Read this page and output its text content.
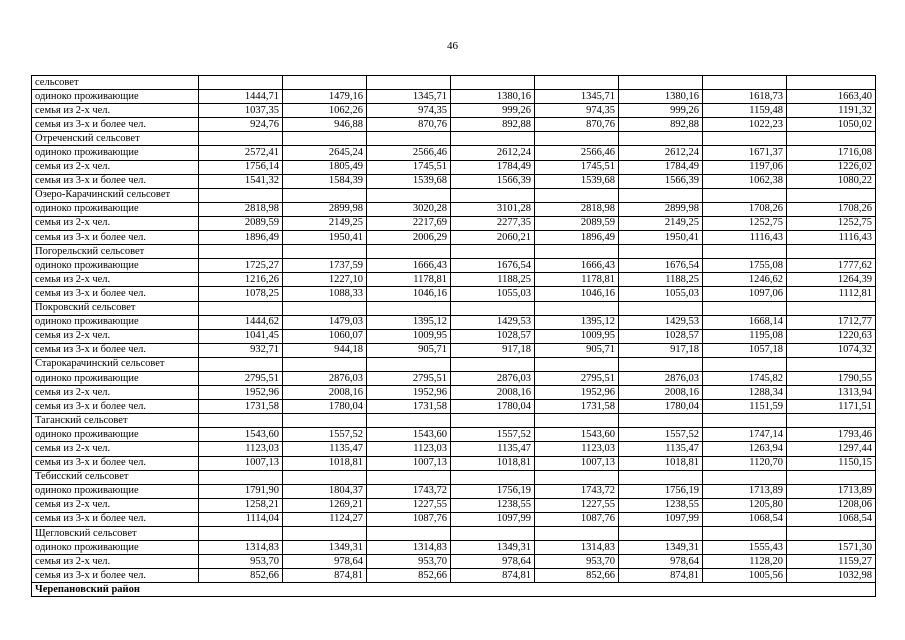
46
сельсовет								
одиноко проживающие	1444,71	1479,16	1345,71	1380,16	1345,71	1380,16	1618,73	1663,40
семья из 2-х чел.	1037,35	1062,26	974,35	999,26	974,35	999,26	1159,48	1191,32
семья из 3-х и более чел.	924,76	946,88	870,76	892,88	870,76	892,88	1022,23	1050,02
Отреченский сельсовет								
одиноко проживающие	2572,41	2645,24	2566,46	2612,24	2566,46	2612,24	1671,37	1716,08
семья из 2-х чел.	1756,14	1805,49	1745,51	1784,49	1745,51	1784,49	1197,06	1226,02
семья из 3-х и более чел.	1541,32	1584,39	1539,68	1566,39	1539,68	1566,39	1062,38	1080,22
Озеро-Карачинский сельсовет								
одиноко проживающие	2818,98	2899,98	3020,28	3101,28	2818,98	2899,98	1708,26	1708,26
семья из 2-х чел.	2089,59	2149,25	2217,69	2277,35	2089,59	2149,25	1252,75	1252,75
семья из 3-х и более чел.	1896,49	1950,41	2006,29	2060,21	1896,49	1950,41	1116,43	1116,43
Погорельский сельсовет								
одиноко проживающие	1725,27	1737,59	1666,43	1676,54	1666,43	1676,54	1755,08	1777,62
семья из 2-х чел.	1216,26	1227,10	1178,81	1188,25	1178,81	1188,25	1246,62	1264,39
семья из 3-х и более чел.	1078,25	1088,33	1046,16	1055,03	1046,16	1055,03	1097,06	1112,81
Покровский сельсовет								
одиноко проживающие	1444,62	1479,03	1395,12	1429,53	1395,12	1429,53	1668,14	1712,77
семья из 2-х чел.	1041,45	1060,07	1009,95	1028,57	1009,95	1028,57	1195,08	1220,63
семья из 3-х и более чел.	932,71	944,18	905,71	917,18	905,71	917,18	1057,18	1074,32
Старокарачинский сельсовет								
одиноко проживающие	2795,51	2876,03	2795,51	2876,03	2795,51	2876,03	1745,82	1790,55
семья из 2-х чел.	1952,96	2008,16	1952,96	2008,16	1952,96	2008,16	1288,34	1313,94
семья из 3-х и более чел.	1731,58	1780,04	1731,58	1780,04	1731,58	1780,04	1151,59	1171,51
Таганский сельсовет								
одиноко проживающие	1543,60	1557,52	1543,60	1557,52	1543,60	1557,52	1747,14	1793,46
семья из 2-х чел.	1123,03	1135,47	1123,03	1135,47	1123,03	1135,47	1263,94	1297,44
семья из 3-х и более чел.	1007,13	1018,81	1007,13	1018,81	1007,13	1018,81	1120,70	1150,15
Тебисский сельсовет								
одиноко проживающие	1791,90	1804,37	1743,72	1756,19	1743,72	1756,19	1713,89	1713,89
семья из 2-х чел.	1258,21	1269,21	1227,55	1238,55	1227,55	1238,55	1205,80	1208,06
семья из 3-х и более чел.	1114,04	1124,27	1087,76	1097,99	1087,76	1097,99	1068,54	1068,54
Щегловский сельсовет								
одиноко проживающие	1314,83	1349,31	1314,83	1349,31	1314,83	1349,31	1555,43	1571,30
семья из 2-х чел.	953,70	978,64	953,70	978,64	953,70	978,64	1128,20	1159,27
семья из 3-х и более чел.	852,66	874,81	852,66	874,81	852,66	874,81	1005,56	1032,98
Черепановский район								
